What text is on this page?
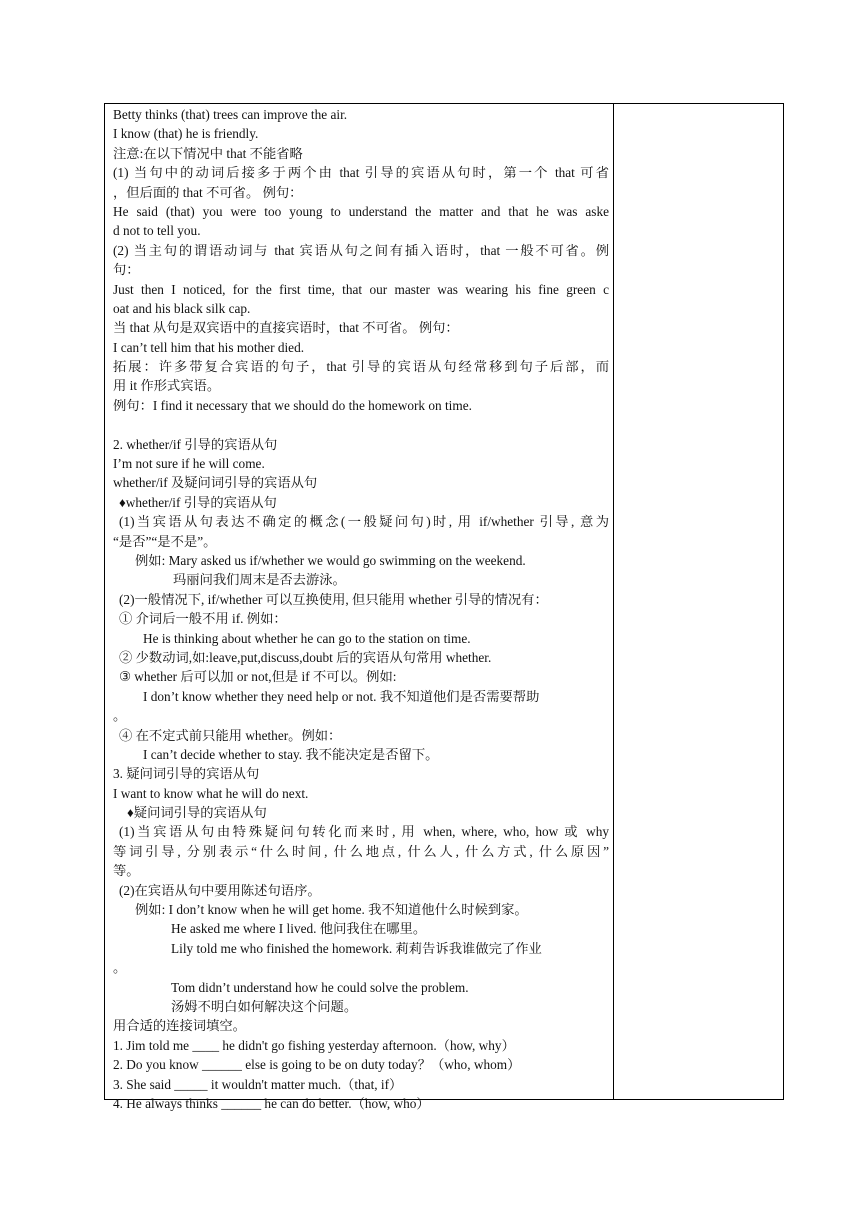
Betty thinks (that) trees can improve the air.
I know (that) he is friendly.
注意:在以下情况中 that 不能省略
(1) 当句中的动词后接多于两个由 that 引导的宾语从句时，第一个 that 可省
，但后面的 that 不可省。 例句：
He said (that) you were too young to understand the matter and that he was aske
d not to tell you.
(2) 当主句的谓语动词与 that 宾语从句之间有插入语时，that 一般不可省。例
句：
Just then I noticed, for the first time, that our master was wearing his fine green c
oat and his black silk cap.
当 that 从句是双宾语中的直接宾语时，that 不可省。 例句：
I can’t tell him that his mother died.
拓展：许多带复合宾语的句子，that 引导的宾语从句经常移到句子后部，而
用 it 作形式宾语。
例句：I find it necessary that we should do the homework on time.
2. whether/if 引导的宾语从句
I’m not sure if he will come.
whether/if 及疑问词引导的宾语从句
♦whether/if 引导的宾语从句
(1)当宾语从句表达不确定的概念(一般疑问句)时, 用 if/whether 引导, 意为
“是否”“是不是”。
例如: Mary asked us if/whether we would go swimming on the weekend.
玛丽问我们周末是否去游泳。
(2)一般情况下, if/whether 可以互换使用, 但只能用 whether 引导的情况有：
① 介词后一般不用 if. 例如：
He is thinking about whether he can go to the station on time.
② 少数动词,如:leave,put,discuss,doubt 后的宾语从句常用 whether.
③ whether 后可以加 or not,但是 if 不可以。例如:
I don’t know whether they need help or not. 我不知道他们是否需要帮助
。
④ 在不定式前只能用 whether。例如：
I can’t decide whether to stay. 我不能决定是否留下。
3. 疑问词引导的宾语从句
I want to know what he will do next.
♦疑问词引导的宾语从句
(1)当宾语从句由特殊疑问句转化而来时, 用 when, where, who, how 或 why
等词引导, 分别表示“什么时间, 什么地点, 什么人, 什么方式, 什么原因”
等。
(2)在宾语从句中要用陈述句语序。
例如: I don’t know when he will get home. 我不知道他什么时候到家。
He asked me where I lived. 他问我住在哪里。
Lily told me who finished the homework. 莉莉告诉我谁做完了作业
。
Tom didn’t understand how he could solve the problem.
汤姆不明白如何解决这个问题。
用合适的连接词填空。
1. Jim told me ____ he didn't go fishing yesterday afternoon.（how, why）
2. Do you know ______ else is going to be on duty today？（who, whom）
3. She said _____ it wouldn't matter much.（that, if）
4. He always thinks ______ he can do better.（how, who）
